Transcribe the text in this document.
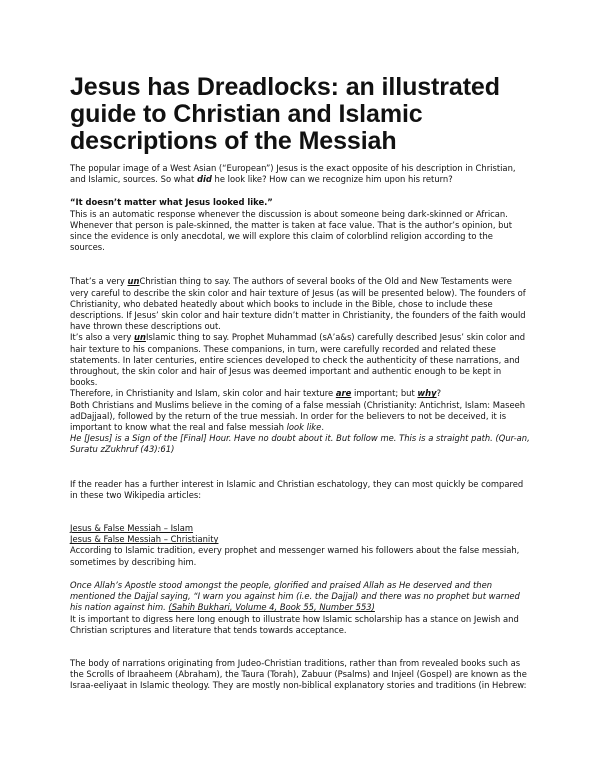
Jesus has Dreadlocks: an illustrated guide to Christian and Islamic descriptions of the Messiah

The popular image of a West Asian (“European”) Jesus is the exact opposite of his description in Christian, and Islamic, sources. So what did he look like? How can we recognize him upon his return?

“It doesn’t matter what Jesus looked like.”

This is an automatic response whenever the discussion is about someone being dark-skinned or African. Whenever that person is pale-skinned, the matter is taken at face value. That is the author’s opinion, but since the evidence is only anecdotal, we will explore this claim of colorblind religion according to the sources.

That’s a very unChristian thing to say. The authors of several books of the Old and New Testaments were very careful to describe the skin color and hair texture of Jesus (as will be presented below). The founders of Christianity, who debated heatedly about which books to include in the Bible, chose to include these descriptions. If Jesus’ skin color and hair texture didn’t matter in Christianity, the founders of the faith would have thrown these descriptions out.

It’s also a very unIslamic thing to say. Prophet Muhammad (sA’a&s) carefully described Jesus’ skin color and hair texture to his companions. These companions, in turn, were carefully recorded and related these statements. In later centuries, entire sciences developed to check the authenticity of these narrations, and throughout, the skin color and hair of Jesus was deemed important and authentic enough to be kept in books.

Therefore, in Christianity and Islam, skin color and hair texture are important; but why?

Both Christians and Muslims believe in the coming of a false messiah (Christianity: Antichrist, Islam: Maseeh adDajjaal), followed by the return of the true messiah. In order for the believers to not be deceived, it is important to know what the real and false messiah look like.

He [Jesus] is a Sign of the [Final] Hour. Have no doubt about it. But follow me. This is a straight path. (Qur-an, Suratu zZukhruf (43):61)

If the reader has a further interest in Islamic and Christian eschatology, they can most quickly be compared in these two Wikipedia articles:

Jesus & False Messiah – Islam

Jesus & False Messiah – Christianity

According to Islamic tradition, every prophet and messenger warned his followers about the false messiah, sometimes by describing him.

Once Allah’s Apostle stood amongst the people, glorified and praised Allah as He deserved and then mentioned the Dajjal saying, “I warn you against him (i.e. the Dajjal) and there was no prophet but warned his nation against him. (Sahih Bukhari, Volume 4, Book 55, Number 553)

It is important to digress here long enough to illustrate how Islamic scholarship has a stance on Jewish and Christian scriptures and literature that tends towards acceptance.

The body of narrations originating from Judeo-Christian traditions, rather than from revealed books such as the Scrolls of Ibraaheem (Abraham), the Taura (Torah), Zabuur (Psalms) and Injeel (Gospel) are known as the Israa-eeliyaat in Islamic theology. They are mostly non-biblical explanatory stories and traditions (in Hebrew:
